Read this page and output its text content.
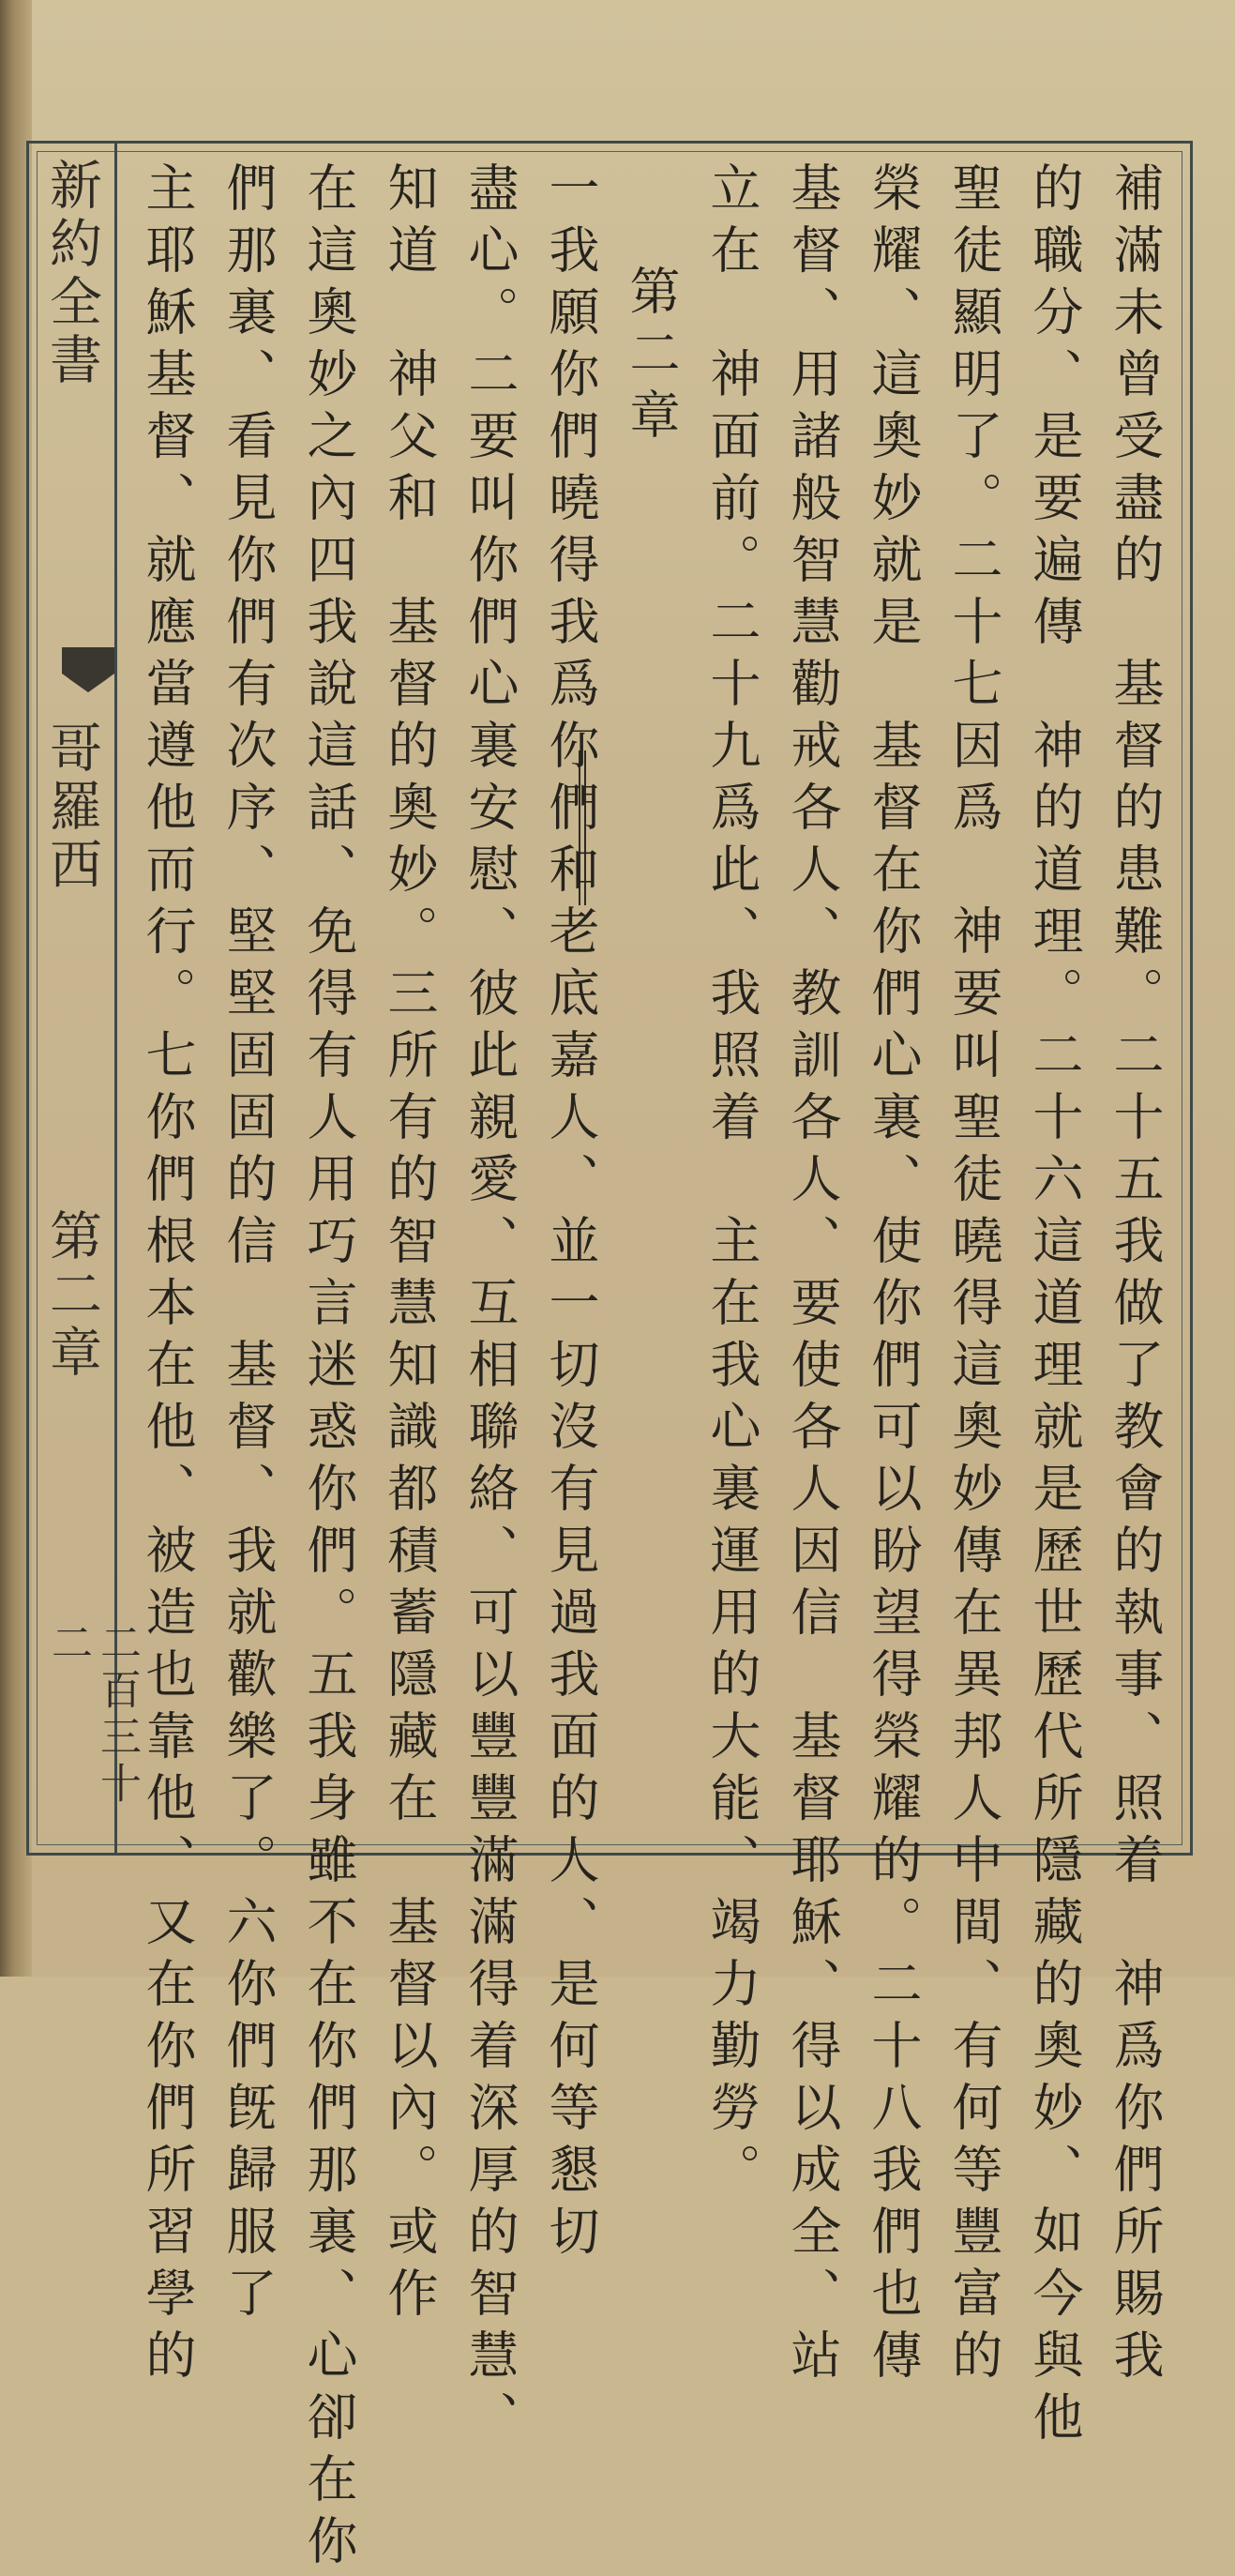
新約全書
哥羅西
第二章
二百三十二	補滿未曾受盡的　基督的患難。二十五我做了教會的執事、照着　神爲你們所賜我
的職分、是要遍傳　神的道理。二十六這道理就是歷世歷代所隱藏的奧妙、如今與他
聖徒顯明了。二十七因爲　神要叫聖徒曉得這奧妙傳在異邦人中間、有何等豐富的
榮耀、這奧妙就是　基督在你們心裏、使你們可以盼望得榮耀的。二十八我們也傳
基督、用諸般智慧勸戒各人、教訓各人、要使各人因信　基督耶穌、得以成全、站
立在　神面前。二十九爲此、我照着　主在我心裏運用的大能、竭力勤勞。
第二章
一我願你們曉得我爲你們和老底嘉人、並一切沒有見過我面的人、是何等懇切
盡心。二要叫你們心裏安慰、彼此親愛、互相聯絡、可以豐豐滿滿得着深厚的智慧、
知道　神父和　基督的奧妙。三所有的智慧知識都積蓄隱藏在　基督以內。或作
在這奧妙之內四我說這話、免得有人用巧言迷惑你們。五我身雖不在你們那裏、心卻在你
們那裏、看見你們有次序、堅堅固固的信　基督、我就歡樂了。六你們旣歸服了
主耶穌基督、就應當遵他而行。七你們根本在他、被造也靠他、又在你們所習學的
